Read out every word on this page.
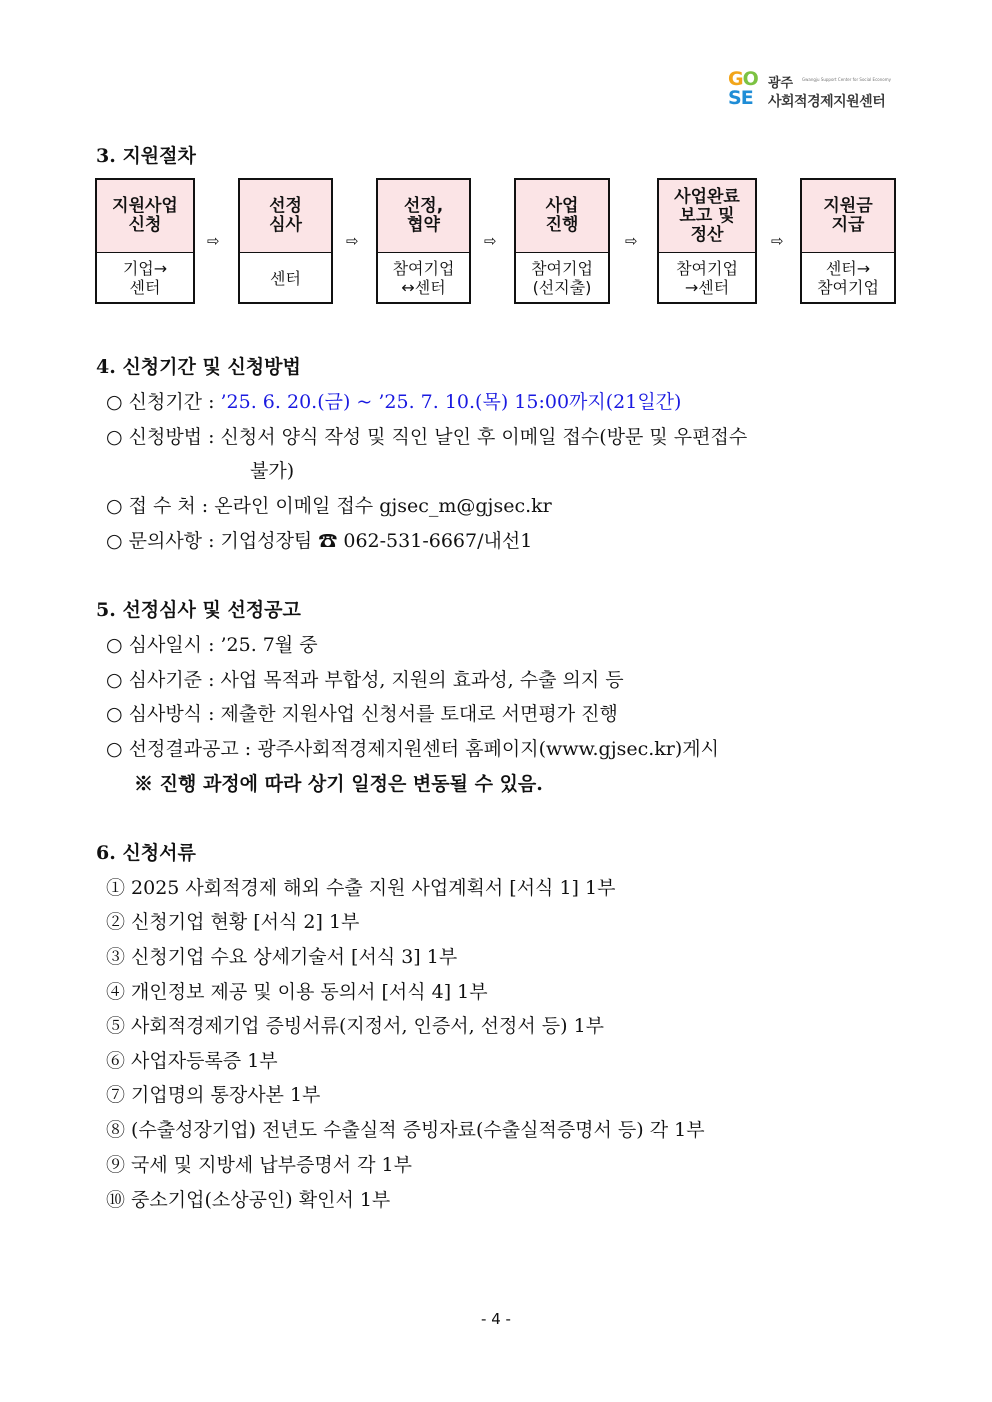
GO
SE
광주 Gwangju Support Center for Social Economy
사회적경제지원센터
3. 지원절차
지원사업
신청
기업→
센터
⇨
선정
심사
센터
⇨
선정,
협약
참여기업
↔센터
⇨
사업
진행
참여기업
(선지출)
⇨
사업완료
보고 및
정산
참여기업
→센터
⇨
지원금
지급
센터→
참여기업
4. 신청기간 및 신청방법
○ 신청기간 : ’25. 6. 20.(금) ~ ’25. 7. 10.(목) 15:00까지(21일간)
○ 신청방법 : 신청서 양식 작성 및 직인 날인 후 이메일 접수(방문 및 우편접수
불가)
○ 접 수 처 : 온라인 이메일 접수 gjsec_m@gjsec.kr
○ 문의사항 : 기업성장팀 ☎ 062-531-6667/내선1
5. 선정심사 및 선정공고
○ 심사일시 : ’25. 7월 중
○ 심사기준 : 사업 목적과 부합성, 지원의 효과성, 수출 의지 등
○ 심사방식 : 제출한 지원사업 신청서를 토대로 서면평가 진행
○ 선정결과공고 : 광주사회적경제지원센터 홈페이지(www.gjsec.kr)게시
※ 진행 과정에 따라 상기 일정은 변동될 수 있음.
6. 신청서류
① 2025 사회적경제 해외 수출 지원 사업계획서 [서식 1] 1부
② 신청기업 현황 [서식 2] 1부
③ 신청기업 수요 상세기술서 [서식 3] 1부
④ 개인정보 제공 및 이용 동의서 [서식 4] 1부
⑤ 사회적경제기업 증빙서류(지정서, 인증서, 선정서 등) 1부
⑥ 사업자등록증 1부
⑦ 기업명의 통장사본 1부
⑧ (수출성장기업) 전년도 수출실적 증빙자료(수출실적증명서 등) 각 1부
⑨ 국세 및 지방세 납부증명서 각 1부
⑩ 중소기업(소상공인) 확인서 1부
- 4 -
